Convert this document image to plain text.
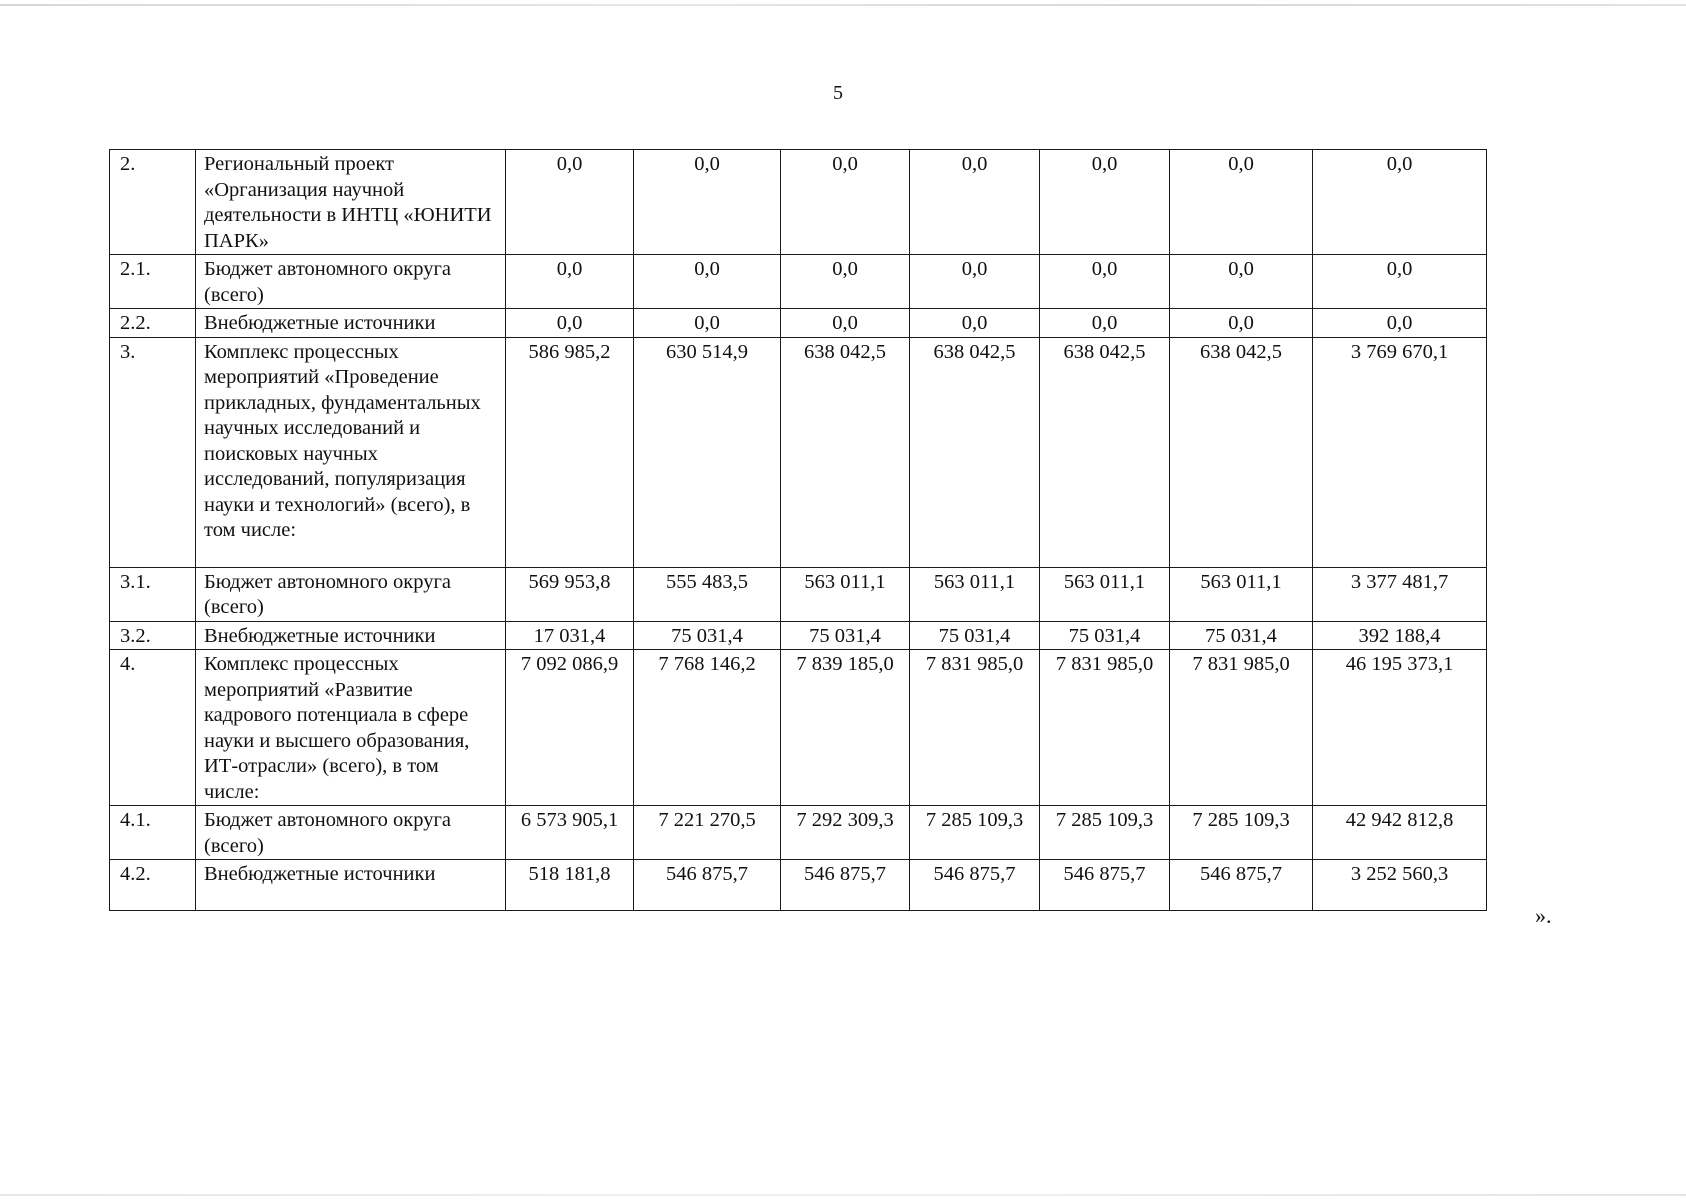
5
2.	Региональный проект «Организация научной деятельности в ИНТЦ «ЮНИТИ ПАРК»	0,0	0,0	0,0	0,0	0,0	0,0	0,0
2.1.	Бюджет автономного округа (всего)	0,0	0,0	0,0	0,0	0,0	0,0	0,0
2.2.	Внебюджетные источники	0,0	0,0	0,0	0,0	0,0	0,0	0,0
3.	Комплекс процессных мероприятий «Проведение прикладных, фундаментальных научных исследований и поисковых научных исследований, популяризация науки и технологий» (всего), в том числе:	586 985,2	630 514,9	638 042,5	638 042,5	638 042,5	638 042,5	3 769 670,1
3.1.	Бюджет автономного округа (всего)	569 953,8	555 483,5	563 011,1	563 011,1	563 011,1	563 011,1	3 377 481,7
3.2.	Внебюджетные источники	17 031,4	75 031,4	75 031,4	75 031,4	75 031,4	75 031,4	392 188,4
4.	Комплекс процессных мероприятий «Развитие кадрового потенциала в сфере науки и высшего образования, ИТ-отрасли» (всего), в том числе:	7 092 086,9	7 768 146,2	7 839 185,0	7 831 985,0	7 831 985,0	7 831 985,0	46 195 373,1
4.1.	Бюджет автономного округа (всего)	6 573 905,1	7 221 270,5	7 292 309,3	7 285 109,3	7 285 109,3	7 285 109,3	42 942 812,8
4.2.	Внебюджетные источники	518 181,8	546 875,7	546 875,7	546 875,7	546 875,7	546 875,7	3 252 560,3
».
